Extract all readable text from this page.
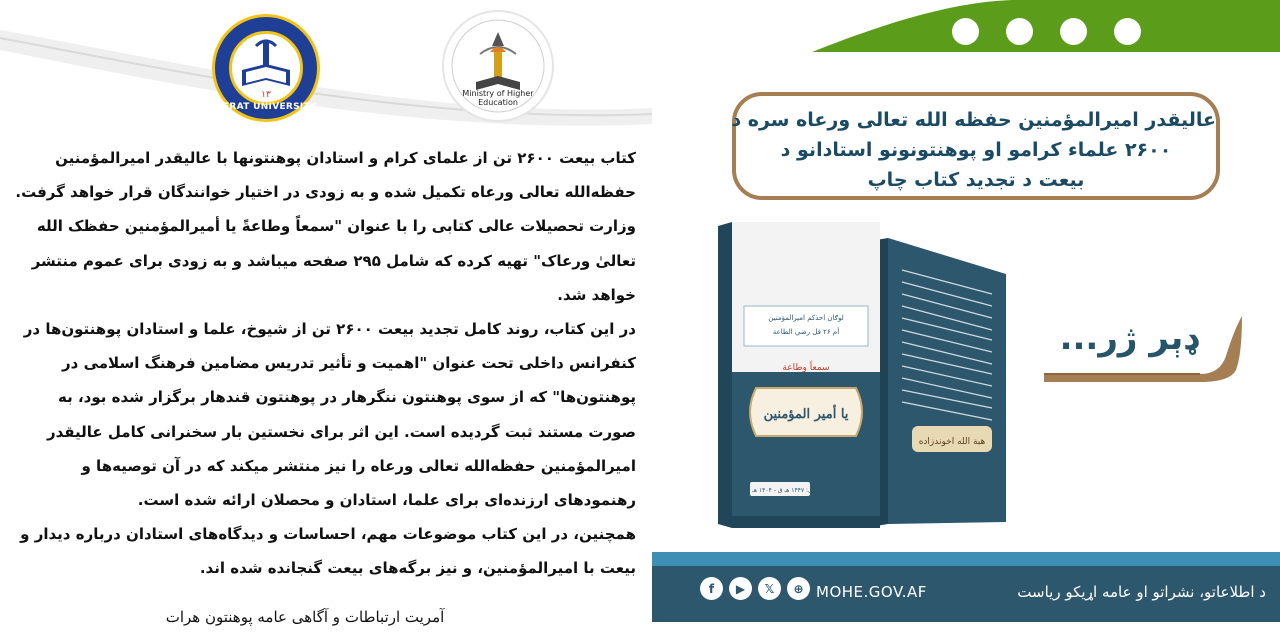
۱۳
HERAT UNIVERSITY
Ministry of Higher Education

کتاب بیعت ۲۶۰۰ تن از علمای کرام و استادان پوهنتونها با عالیقدر امیرالمؤمنین حفظه‌الله تعالی ورعاه تکمیل شده و به زودی در اختیار خوانندگان قرار خواهد گرفت.

وزارت تحصیلات عالی کتابی را با عنوان "سمعاً وطاعةً یا أمیرالمؤمنین حفظک الله تعالیٰ ورعاک" تهیه کرده که شامل ۲۹۵ صفحه میباشد و به زودی برای عموم منتشر خواهد شد.

در این کتاب، روند کامل تجدید بیعت ۲۶۰۰ تن از شیوخ، علما و استادان پوهنتون‌ها در کنفرانس داخلی تحت عنوان "اهمیت و تأثیر تدریس مضامین فرهنگ اسلامی در پوهنتون‌ها" که از سوی پوهنتون ننگرهار در پوهنتون قندهار برگزار شده بود، به صورت مستند ثبت گردیده است. این اثر برای نخستین بار سخنرانی کامل عالیقدر امیرالمؤمنین حفظه‌الله تعالی ورعاه را نیز منتشر میکند که در آن توصیه‌ها و رهنمودهای ارزنده‌ای برای علما، استادان و محصلان ارائه شده است.

همچنین، در این کتاب موضوعات مهم، احساسات و دیدگاه‌های استادان درباره دیدار و بیعت با امیرالمؤمنین، و نیز برگه‌های بیعت گنجانده شده اند.

آمریت ارتباطات و آگاهی عامه پوهنتون هرات
عالیقدر امیرالمؤمنین حفظه الله تعالی ورعاه سره د
۲۶۰۰ علماء کرامو او پوهنتونونو استادانو د
بیعت د تجدید کتاب چاپ
هبة الله اخوندزاده
لوګان احذکم امیرالمؤمنین
أم ۲۶ فل رضي الطاعة
سمعاً وطاعة
یا أمیر المؤمنین
کال: ۱۴۴۷ هـ ق - ۱۴۰۴ هـ ش
ډېر ژر...
f	▶	𝕏	⊕ MOHE.GOV.AF	د اطلاعاتو، نشراتو او عامه اړیکو ریاست
